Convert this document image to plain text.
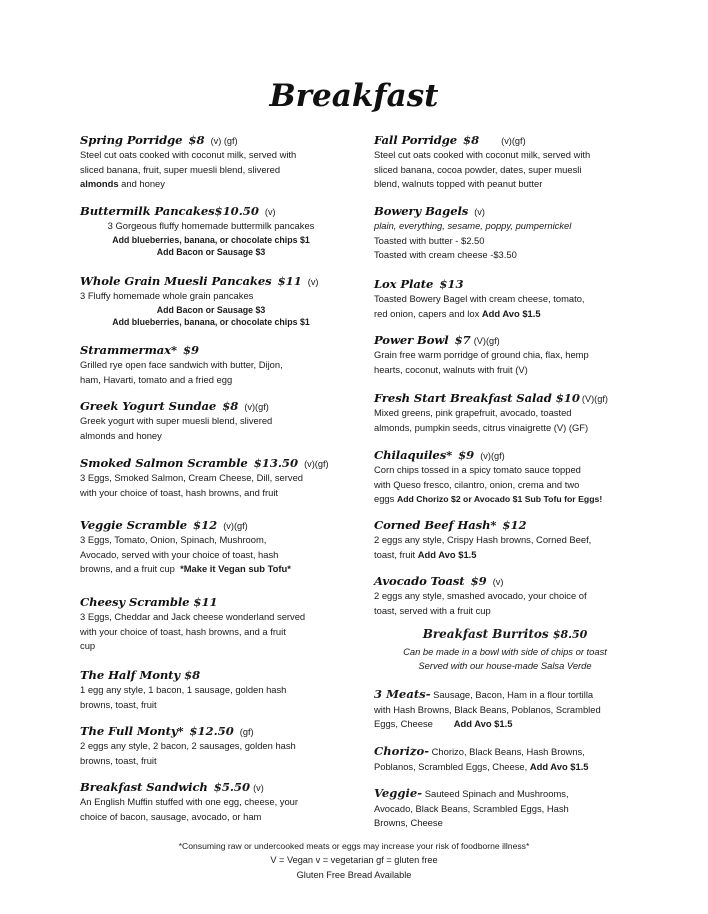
Breakfast
Spring Porridge $8 (v) (gf)
Steel cut oats cooked with coconut milk, served with
sliced banana, fruit, super muesli blend, slivered
almonds and honey
Buttermilk Pancakes$10.50 (v)
3 Gorgeous fluffy homemade buttermilk pancakes
Add blueberries, banana, or chocolate chips $1
Add Bacon or Sausage $3
Whole Grain Muesli Pancakes $11 (v)
3 Fluffy homemade whole grain pancakes
Add Bacon or Sausage $3
Add blueberries, banana, or chocolate chips $1
Strammermax* $9
Grilled rye open face sandwich with butter, Dijon,
ham, Havarti, tomato and a fried egg
Greek Yogurt Sundae $8 (v)(gf)
Greek yogurt with super muesli blend, slivered
almonds and honey
Smoked Salmon Scramble $13.50 (v)(gf)
3 Eggs, Smoked Salmon, Cream Cheese, Dill, served
with your choice of toast, hash browns, and fruit
Veggie Scramble $12 (v)(gf)
3 Eggs, Tomato, Onion, Spinach, Mushroom,
Avocado, served with your choice of toast, hash
browns, and a fruit cup  *Make it Vegan sub Tofu*
Cheesy Scramble $11
3 Eggs, Cheddar and Jack cheese wonderland served
with your choice of toast, hash browns, and a fruit
cup
The Half Monty $8
1 egg any style, 1 bacon, 1 sausage, golden hash
browns, toast, fruit
The Full Monty* $12.50 (gf)
2 eggs any style, 2 bacon, 2 sausages, golden hash
browns, toast, fruit
Breakfast Sandwich $5.50 (v)
An English Muffin stuffed with one egg, cheese, your
choice of bacon, sausage, avocado, or ham
Fall Porridge $8 (v)(gf)
Steel cut oats cooked with coconut milk, served with
sliced banana, cocoa powder, dates, super muesli
blend, walnuts topped with peanut butter
Bowery Bagels (v)
plain, everything, sesame, poppy, pumpernickel
Toasted with butter - $2.50
Toasted with cream cheese -$3.50
Lox Plate $13
Toasted Bowery Bagel with cream cheese, tomato,
red onion, capers and lox Add Avo $1.5
Power Bowl $7 (V)(gf)
Grain free warm porridge of ground chia, flax, hemp
hearts, coconut, walnuts with fruit (V)
Fresh Start Breakfast Salad $10 (V)(gf)
Mixed greens, pink grapefruit, avocado, toasted
almonds, pumpkin seeds, citrus vinaigrette (V) (GF)
Chilaquiles* $9 (v)(gf)
Corn chips tossed in a spicy tomato sauce topped
with Queso fresco, cilantro, onion, crema and two
eggs Add Chorizo $2 or Avocado $1 Sub Tofu for Eggs!
Corned Beef Hash* $12
2 eggs any style, Crispy Hash browns, Corned Beef,
toast, fruit Add Avo $1.5
Avocado Toast $9 (v)
2 eggs any style, smashed avocado, your choice of
toast, served with a fruit cup
Breakfast Burritos $8.50
Can be made in a bowl with side of chips or toast
Served with our house-made Salsa Verde
3 Meats- Sausage, Bacon, Ham in a flour tortilla
with Hash Browns, Black Beans, Poblanos, Scrambled
Eggs, Cheese        Add Avo $1.5
Chorizo- Chorizo, Black Beans, Hash Browns,
Poblanos, Scrambled Eggs, Cheese, Add Avo $1.5
Veggie- Sauteed Spinach and Mushrooms,
Avocado, Black Beans, Scrambled Eggs, Hash
Browns, Cheese
*Consuming raw or undercooked meats or eggs may increase your risk of foodborne illness*
V = Vegan v = vegetarian gf = gluten free
Gluten Free Bread Available
